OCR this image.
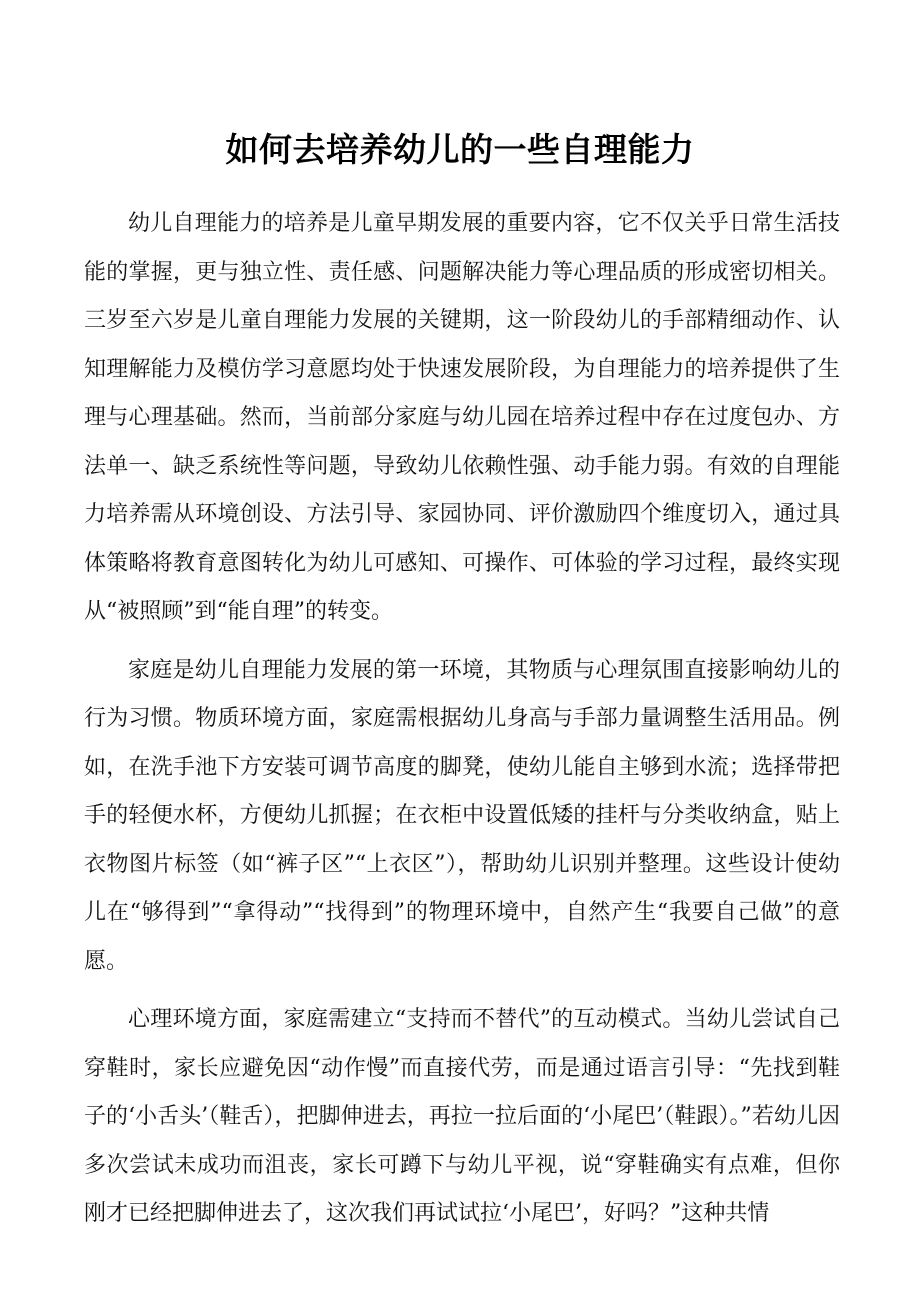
如何去培养幼儿的一些自理能力

幼儿自理能力的培养是儿童早期发展的重要内容，它不仅关乎日常生活技能的掌握，更与独立性、责任感、问题解决能力等心理品质的形成密切相关。三岁至六岁是儿童自理能力发展的关键期，这一阶段幼儿的手部精细动作、认知理解能力及模仿学习意愿均处于快速发展阶段，为自理能力的培养提供了生理与心理基础。然而，当前部分家庭与幼儿园在培养过程中存在过度包办、方法单一、缺乏系统性等问题，导致幼儿依赖性强、动手能力弱。有效的自理能力培养需从环境创设、方法引导、家园协同、评价激励四个维度切入，通过具体策略将教育意图转化为幼儿可感知、可操作、可体验的学习过程，最终实现从“被照顾”到“能自理”的转变。

家庭是幼儿自理能力发展的第一环境，其物质与心理氛围直接影响幼儿的行为习惯。物质环境方面，家庭需根据幼儿身高与手部力量调整生活用品。例如，在洗手池下方安装可调节高度的脚凳，使幼儿能自主够到水流；选择带把手的轻便水杯，方便幼儿抓握；在衣柜中设置低矮的挂杆与分类收纳盒，贴上衣物图片标签（如“裤子区”“上衣区”），帮助幼儿识别并整理。这些设计使幼儿在“够得到”“拿得动”“找得到”的物理环境中，自然产生“我要自己做”的意愿。

心理环境方面，家庭需建立“支持而不替代”的互动模式。当幼儿尝试自己穿鞋时，家长应避免因“动作慢”而直接代劳，而是通过语言引导：“先找到鞋子的‘小舌头’（鞋舌），把脚伸进去，再拉一拉后面的‘小尾巴’（鞋跟）。”若幼儿因多次尝试未成功而沮丧，家长可蹲下与幼儿平视，说“穿鞋确实有点难，但你刚才已经把脚伸进去了，这次我们再试试拉‘小尾巴’，好吗？”这种共情
